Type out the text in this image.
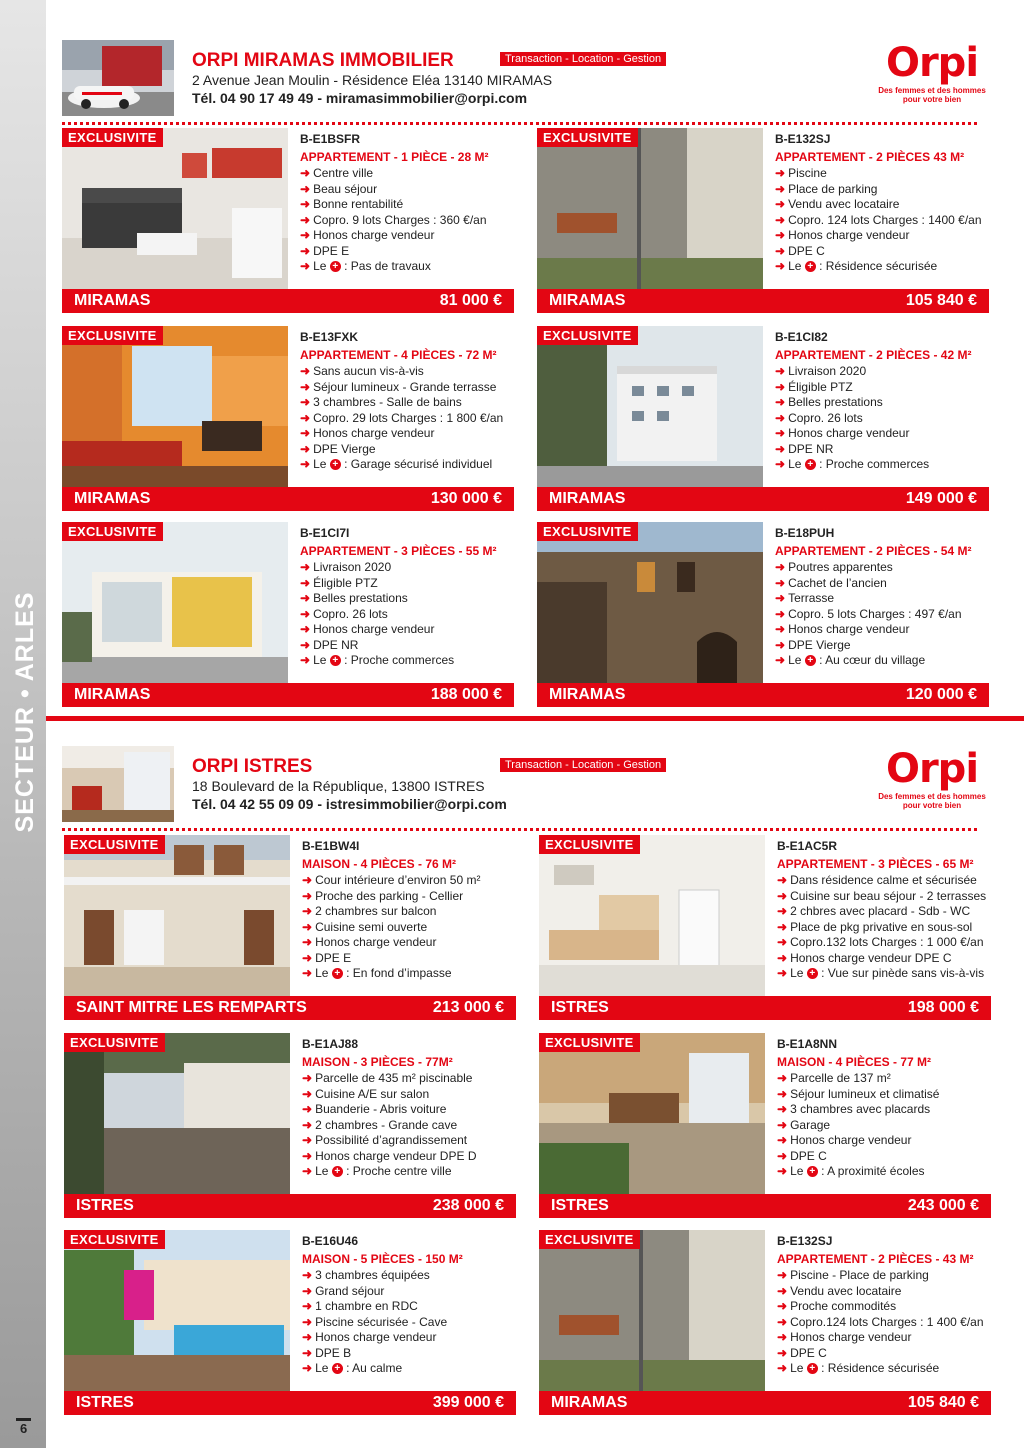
SECTEUR • ARLES
6
ORPI MIRAMAS IMMOBILIER	Transaction - Location - Gestion
2 Avenue Jean Moulin - Résidence Eléa 13140 MIRAMAS
Tél. 04 90 17 49 49 - miramasimmobilier@orpi.com
Orpi
Des femmes et des hommes
pour votre bien
EXCLUSIVITE	B-E1BSFR
APPARTEMENT - 1 PIÈCE - 28 M²
➜ Centre ville
➜ Beau séjour
➜ Bonne rentabilité
➜ Copro. 9 lots Charges : 360 €/an
➜ Honos charge vendeur
➜ DPE E
➜ Le + : Pas de travaux
MIRAMAS	81 000 €
EXCLUSIVITE	B-E132SJ
APPARTEMENT - 2 PIÈCES 43 M²
➜ Piscine
➜ Place de parking
➜ Vendu avec locataire
➜ Copro. 124 lots Charges : 1400 €/an
➜ Honos charge vendeur
➜ DPE C
➜ Le + : Résidence sécurisée
MIRAMAS	105 840 €
EXCLUSIVITE	B-E13FXK
APPARTEMENT - 4 PIÈCES - 72 M²
➜ Sans aucun vis-à-vis
➜ Séjour lumineux - Grande terrasse
➜ 3 chambres - Salle de bains
➜ Copro. 29 lots Charges : 1 800 €/an
➜ Honos charge vendeur
➜ DPE Vierge
➜ Le + : Garage sécurisé individuel
MIRAMAS	130 000 €
EXCLUSIVITE	B-E1CI82
APPARTEMENT - 2 PIÈCES - 42 M²
➜ Livraison 2020
➜ Éligible PTZ
➜ Belles prestations
➜ Copro. 26 lots
➜ Honos charge vendeur
➜ DPE NR
➜ Le + : Proche commerces
MIRAMAS	149 000 €
EXCLUSIVITE	B-E1CI7I
APPARTEMENT - 3 PIÈCES - 55 M²
➜ Livraison 2020
➜ Éligible PTZ
➜ Belles prestations
➜ Copro. 26 lots
➜ Honos charge vendeur
➜ DPE NR
➜ Le + : Proche commerces
MIRAMAS	188 000 €
EXCLUSIVITE	B-E18PUH
APPARTEMENT - 2 PIÈCES - 54 M²
➜ Poutres apparentes
➜ Cachet de l’ancien
➜ Terrasse
➜ Copro. 5 lots Charges : 497 €/an
➜ Honos charge vendeur
➜ DPE Vierge
➜ Le + : Au cœur du village
MIRAMAS	120 000 €
ORPI ISTRES	Transaction - Location - Gestion
18 Boulevard de la République, 13800 ISTRES
Tél. 04 42 55 09 09 - istresimmobilier@orpi.com
Orpi
Des femmes et des hommes
pour votre bien
EXCLUSIVITE	B-E1BW4I
MAISON - 4 PIÈCES - 76 M²
➜ Cour intérieure d’environ 50 m²
➜ Proche des parking - Cellier
➜ 2 chambres sur balcon
➜ Cuisine semi ouverte
➜ Honos charge vendeur
➜ DPE E
➜ Le + : En fond d’impasse
SAINT MITRE LES REMPARTS	213 000 €
EXCLUSIVITE	B-E1AC5R
APPARTEMENT - 3 PIÈCES - 65 M²
➜ Dans résidence calme et sécurisée
➜ Cuisine sur beau séjour - 2 terrasses
➜ 2 chbres avec placard - Sdb - WC
➜ Place de pkg privative en sous-sol
➜ Copro.132 lots Charges : 1 000 €/an
➜ Honos charge vendeur DPE C
➜ Le + : Vue sur pinède sans vis-à-vis
ISTRES	198 000 €
EXCLUSIVITE	B-E1AJ88
MAISON - 3 PIÈCES - 77M²
➜ Parcelle de 435 m² piscinable
➜ Cuisine A/E sur salon
➜ Buanderie - Abris voiture
➜ 2 chambres - Grande cave
➜ Possibilité d’agrandissement
➜ Honos charge vendeur DPE D
➜ Le + : Proche centre ville
ISTRES	238 000 €
EXCLUSIVITE	B-E1A8NN
MAISON - 4 PIÈCES - 77 M²
➜ Parcelle de 137 m²
➜ Séjour lumineux et climatisé
➜ 3 chambres avec placards
➜ Garage
➜ Honos charge vendeur
➜ DPE C
➜ Le + : A proximité écoles
ISTRES	243 000 €
EXCLUSIVITE	B-E16U46
MAISON - 5 PIÈCES - 150 M²
➜ 3 chambres équipées
➜ Grand séjour
➜ 1 chambre en RDC
➜ Piscine sécurisée - Cave
➜ Honos charge vendeur
➜ DPE B
➜ Le + : Au calme
ISTRES	399 000 €
EXCLUSIVITE	B-E132SJ
APPARTEMENT - 2 PIÈCES - 43 M²
➜ Piscine - Place de parking
➜ Vendu avec locataire
➜ Proche commodités
➜ Copro.124 lots Charges : 1 400 €/an
➜ Honos charge vendeur
➜ DPE C
➜ Le + : Résidence sécurisée
MIRAMAS	105 840 €
